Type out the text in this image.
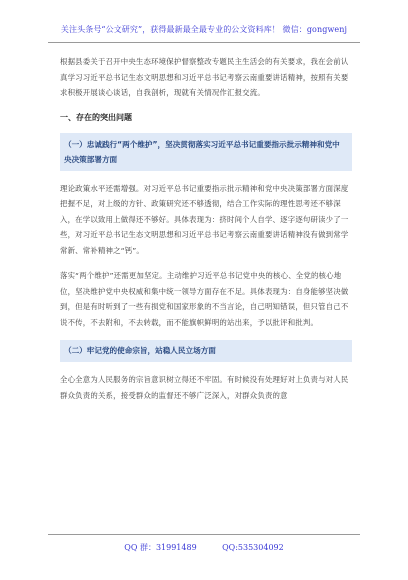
关注头条号“公文研究”，获得最新最全最专业的公文资料库！ 微信：gongwenj

根据县委关于召开中央生态环境保护督察整改专题民主生活会的有关要求，我在会前认真学习习近平总书记生态文明思想和习近平总书记考察云南重要讲话精神，按照有关要求积极开展谈心谈话，自我剖析，现就有关情况作汇报交流。

一、存在的突出问题
（一）忠诚践行“两个维护”，坚决贯彻落实习近平总书记重要指示批示精神和党中央决策部署方面

理论政策水平还需增强。对习近平总书记重要指示批示精神和党中央决策部署方面深度把握不足，对上级的方针、政策研究还不够透彻，结合工作实际的理性思考还不够深入，在学以致用上做得还不够好。具体表现为：挤时间个人自学、逐字逐句研读少了一些，对习近平总书记生态文明思想和习近平总书记考察云南重要讲话精神没有做到常学常新、常补精神之“钙”。

落实“两个维护”还需更加坚定。主动维护习近平总书记党中央的核心、全党的核心地位，坚决维护党中央权威和集中统一领导方面存在不足。具体表现为：自身能够坚决做到，但是有时听到了一些有损党和国家形象的不当言论，自己明知错误，但只管自己不说不传，不去附和，不去转载，而不能旗帜鲜明的站出来，予以批评和批判。

（二）牢记党的使命宗旨，站稳人民立场方面

全心全意为人民服务的宗旨意识树立得还不牢固。有时候没有处理好对上负责与对人民群众负责的关系，接受群众的监督还不够广泛深入，对群众负责的意

QQ 群：31991489          QQ:535304092
